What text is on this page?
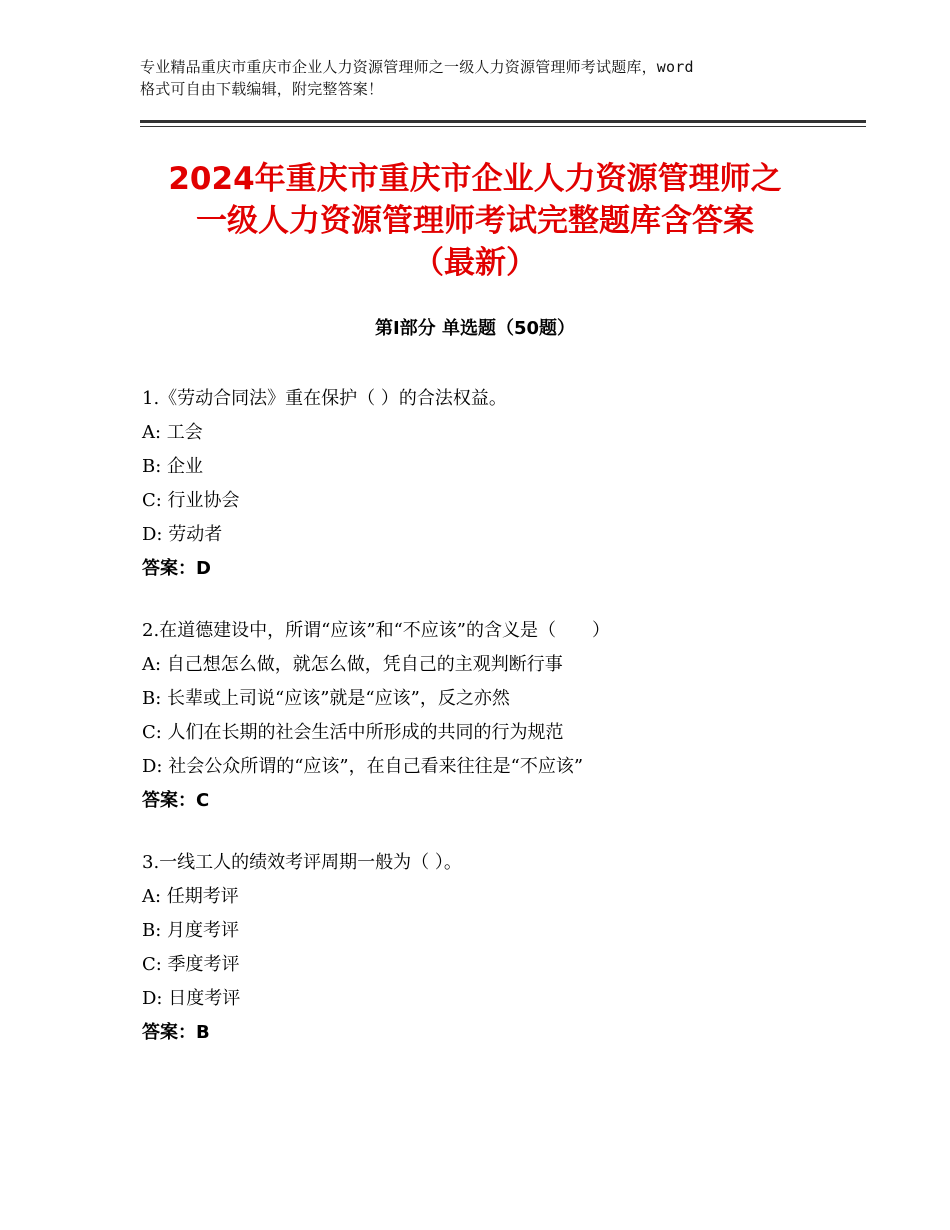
专业精品重庆市重庆市企业人力资源管理师之一级人力资源管理师考试题库，word
格式可自由下载编辑，附完整答案！
2024年重庆市重庆市企业人力资源管理师之
一级人力资源管理师考试完整题库含答案
（最新）
第Ⅰ部分 单选题（50题）
1.《劳动合同法》重在保护（ ）的合法权益。
A: 工会
B: 企业
C: 行业协会
D: 劳动者
答案：D
2.在道德建设中，所谓“应该”和“不应该”的含义是（　　）
A: 自己想怎么做，就怎么做，凭自己的主观判断行事
B: 长辈或上司说“应该”就是“应该”，反之亦然
C: 人们在长期的社会生活中所形成的共同的行为规范
D: 社会公众所谓的“应该”，在自己看来往往是“不应该”
答案：C
3.一线工人的绩效考评周期一般为（ ）。
A: 任期考评
B: 月度考评
C: 季度考评
D: 日度考评
答案：B
